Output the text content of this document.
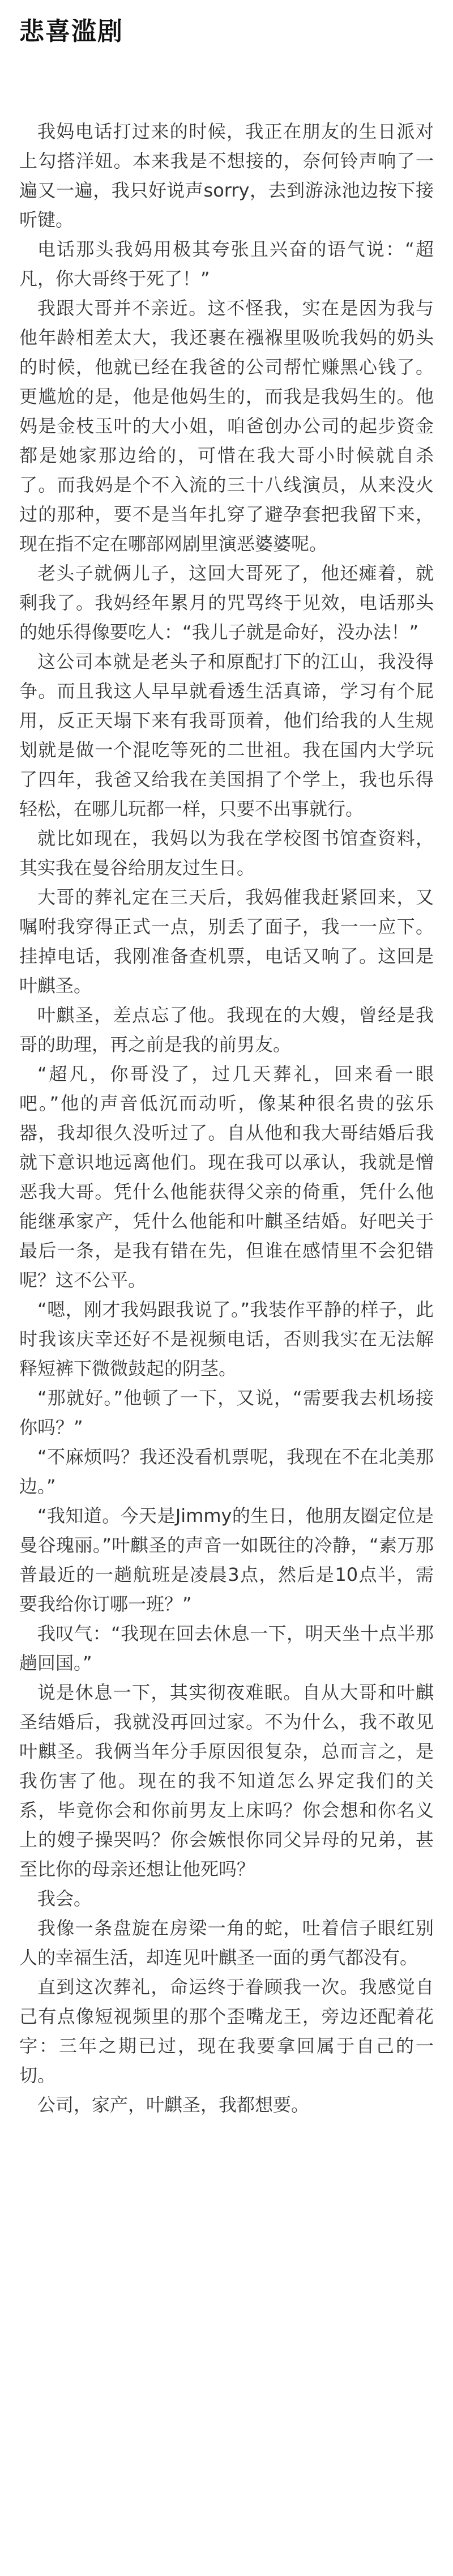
悲喜滥剧

我妈电话打过来的时候，我正在朋友的生日派对上勾搭洋妞。本来我是不想接的，奈何铃声响了一遍又一遍，我只好说声sorry，去到游泳池边按下接听键。

电话那头我妈用极其夸张且兴奋的语气说：“超凡，你大哥终于死了！”

我跟大哥并不亲近。这不怪我，实在是因为我与他年龄相差太大，我还裹在襁褓里吸吮我妈的奶头的时候，他就已经在我爸的公司帮忙赚黑心钱了。更尴尬的是，他是他妈生的，而我是我妈生的。他妈是金枝玉叶的大小姐，咱爸创办公司的起步资金都是她家那边给的，可惜在我大哥小时候就自杀了。而我妈是个不入流的三十八线演员，从来没火过的那种，要不是当年扎穿了避孕套把我留下来，现在指不定在哪部网剧里演恶婆婆呢。

老头子就俩儿子，这回大哥死了，他还瘫着，就剩我了。我妈经年累月的咒骂终于见效，电话那头的她乐得像要吃人：“我儿子就是命好，没办法！”

这公司本就是老头子和原配打下的江山，我没得争。而且我这人早早就看透生活真谛，学习有个屁用，反正天塌下来有我哥顶着，他们给我的人生规划就是做一个混吃等死的二世祖。我在国内大学玩了四年，我爸又给我在美国捐了个学上，我也乐得轻松，在哪儿玩都一样，只要不出事就行。

就比如现在，我妈以为我在学校图书馆查资料，其实我在曼谷给朋友过生日。

大哥的葬礼定在三天后，我妈催我赶紧回来，又嘱咐我穿得正式一点，别丢了面子，我一一应下。挂掉电话，我刚准备查机票，电话又响了。这回是叶麒圣。

叶麒圣，差点忘了他。我现在的大嫂，曾经是我哥的助理，再之前是我的前男友。

“超凡，你哥没了，过几天葬礼，回来看一眼吧。”他的声音低沉而动听，像某种很名贵的弦乐器，我却很久没听过了。自从他和我大哥结婚后我就下意识地远离他们。现在我可以承认，我就是憎恶我大哥。凭什么他能获得父亲的倚重，凭什么他能继承家产，凭什么他能和叶麒圣结婚。好吧关于最后一条，是我有错在先，但谁在感情里不会犯错呢？这不公平。

“嗯，刚才我妈跟我说了。”我装作平静的样子，此时我该庆幸还好不是视频电话，否则我实在无法解释短裤下微微鼓起的阴茎。

“那就好。”他顿了一下，又说，“需要我去机场接你吗？”

“不麻烦吗？我还没看机票呢，我现在不在北美那边。”

“我知道。今天是Jimmy的生日，他朋友圈定位是曼谷瑰丽。”叶麒圣的声音一如既往的冷静，“素万那普最近的一趟航班是凌晨3点，然后是10点半，需要我给你订哪一班？”

我叹气：“我现在回去休息一下，明天坐十点半那趟回国。”

说是休息一下，其实彻夜难眠。自从大哥和叶麒圣结婚后，我就没再回过家。不为什么，我不敢见叶麒圣。我俩当年分手原因很复杂，总而言之，是我伤害了他。现在的我不知道怎么界定我们的关系，毕竟你会和你前男友上床吗？你会想和你名义上的嫂子操哭吗？你会嫉恨你同父异母的兄弟，甚至比你的母亲还想让他死吗？

我会。

我像一条盘旋在房梁一角的蛇，吐着信子眼红别人的幸福生活，却连见叶麒圣一面的勇气都没有。

直到这次葬礼，命运终于眷顾我一次。我感觉自己有点像短视频里的那个歪嘴龙王，旁边还配着花字：三年之期已过，现在我要拿回属于自己的一切。

公司，家产，叶麒圣，我都想要。
